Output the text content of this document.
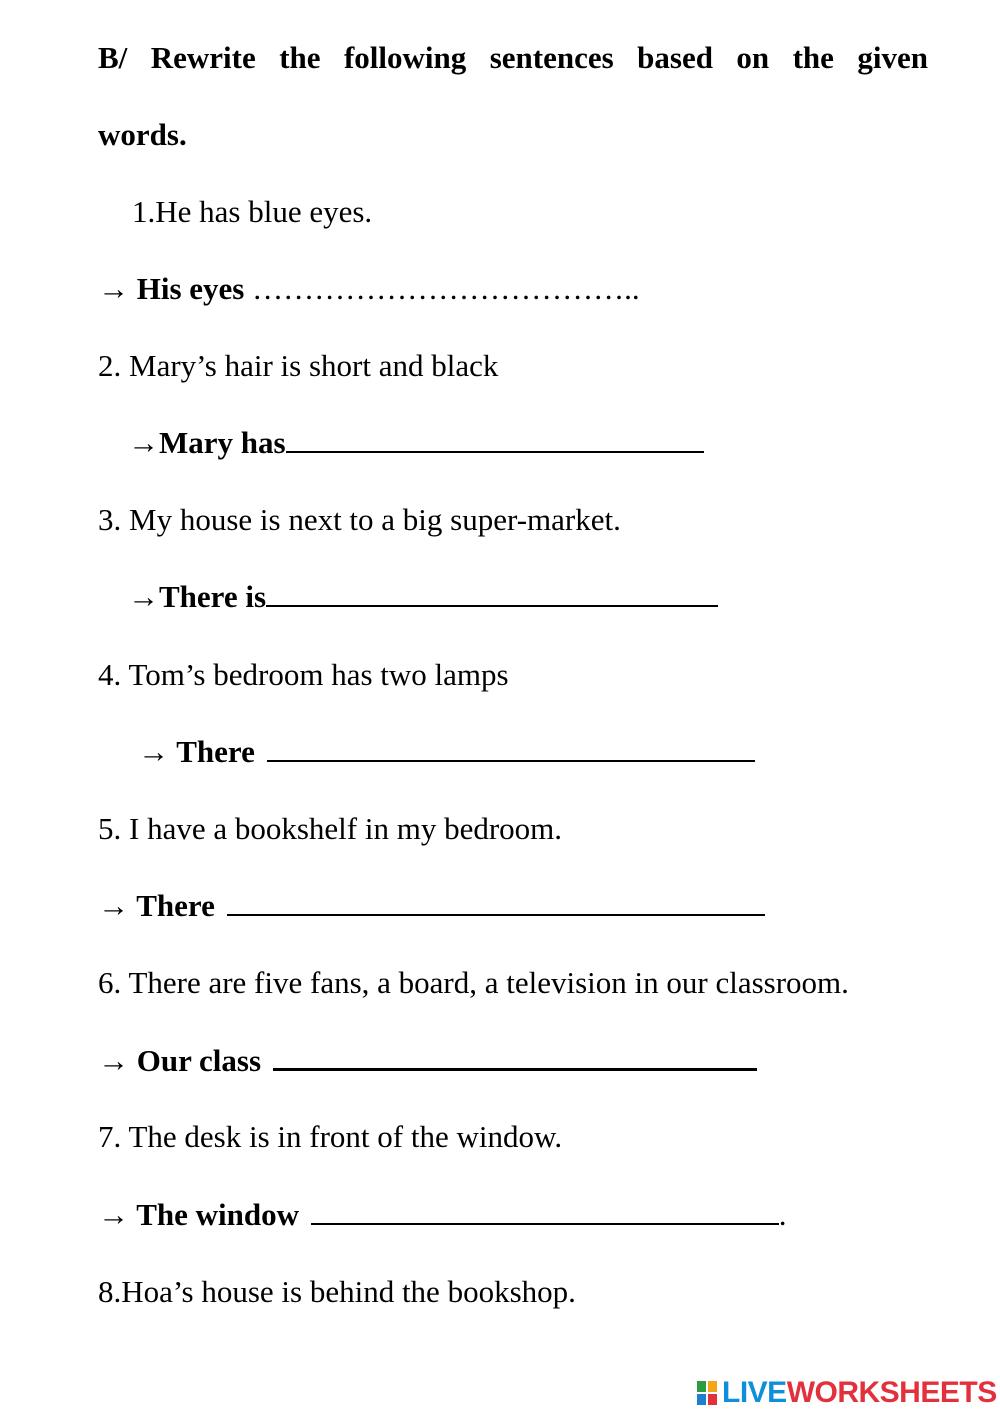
B/ Rewrite the following sentences based on the given
words.
1.He has blue eyes.
→ His eyes ………………………………..
2. Mary’s hair is short and black
→Mary has
3. My house is next to a big super-market.
→There is
4. Tom’s bedroom has two lamps
→ There
5. I have a bookshelf in my bedroom.
→ There
6. There are five fans, a board, a television in our classroom.
→ Our class
7. The desk is in front of the window.
→ The window	.
8.Hoa’s house is behind the bookshop.
LIVEWORKSHEETS
